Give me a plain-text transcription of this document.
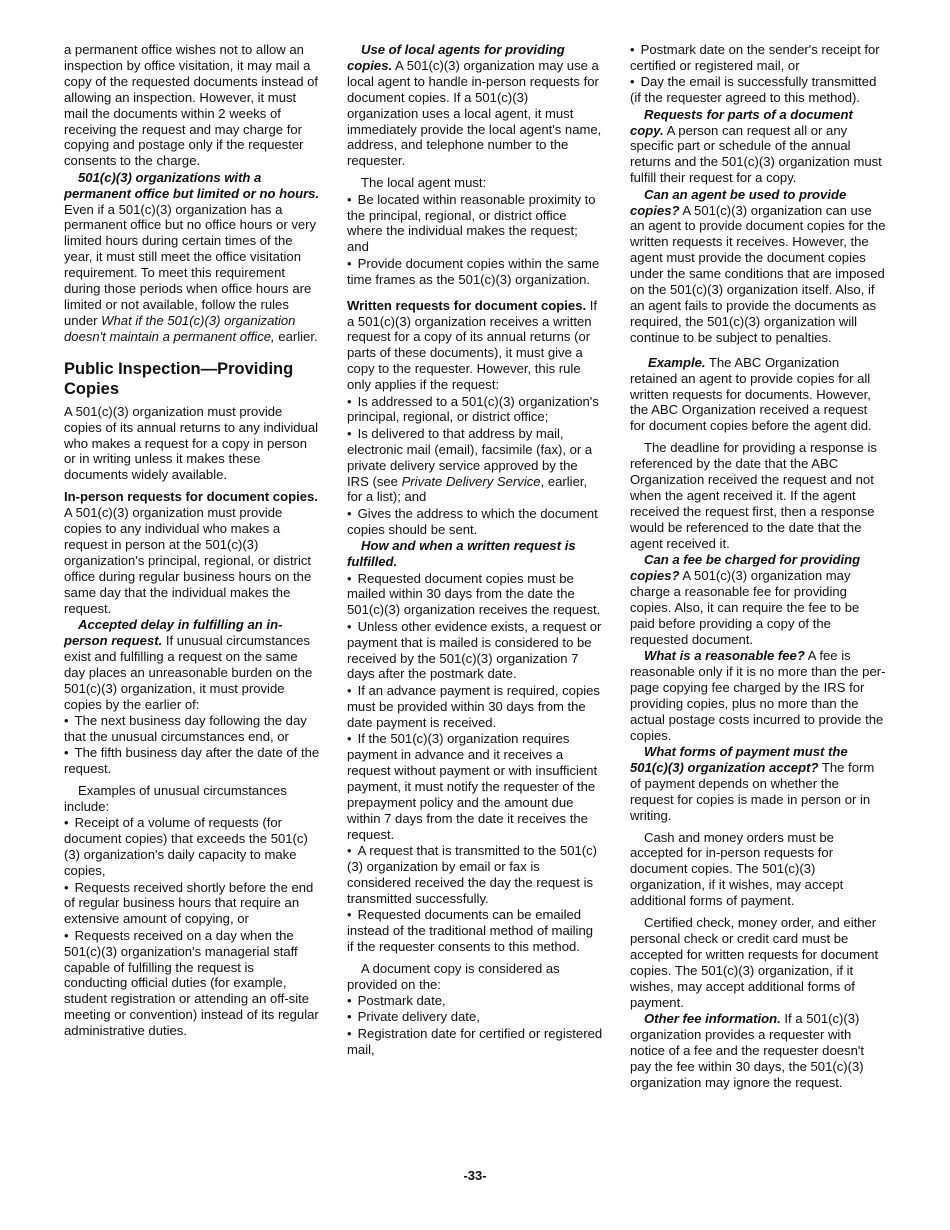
a permanent office wishes not to allow an inspection by office visitation, it may mail a copy of the requested documents instead of allowing an inspection. However, it must mail the documents within 2 weeks of receiving the request and may charge for copying and postage only if the requester consents to the charge.

501(c)(3) organizations with a permanent office but limited or no hours. Even if a 501(c)(3) organization has a permanent office but no office hours or very limited hours during certain times of the year, it must still meet the office visitation requirement. To meet this requirement during those periods when office hours are limited or not available, follow the rules under What if the 501(c)(3) organization doesn't maintain a permanent office, earlier.

Public Inspection—Providing Copies

A 501(c)(3) organization must provide copies of its annual returns to any individual who makes a request for a copy in person or in writing unless it makes these documents widely available.

In-person requests for document copies. A 501(c)(3) organization must provide copies to any individual who makes a request in person at the 501(c)(3) organization's principal, regional, or district office during regular business hours on the same day that the individual makes the request.

Accepted delay in fulfilling an in-person request. If unusual circumstances exist and fulfilling a request on the same day places an unreasonable burden on the 501(c)(3) organization, it must provide copies by the earlier of:

• The next business day following the day that the unusual circumstances end, or

• The fifth business day after the date of the request.

Examples of unusual circumstances include:

• Receipt of a volume of requests (for document copies) that exceeds the 501(c)(3) organization's daily capacity to make copies,

• Requests received shortly before the end of regular business hours that require an extensive amount of copying, or

• Requests received on a day when the 501(c)(3) organization's managerial staff capable of fulfilling the request is conducting official duties (for example, student registration or attending an off-site meeting or convention) instead of its regular administrative duties.

Use of local agents for providing copies. A 501(c)(3) organization may use a local agent to handle in-person requests for document copies. If a 501(c)(3) organization uses a local agent, it must immediately provide the local agent's name, address, and telephone number to the requester.

The local agent must:

• Be located within reasonable proximity to the principal, regional, or district office where the individual makes the request; and

• Provide document copies within the same time frames as the 501(c)(3) organization.

Written requests for document copies. If a 501(c)(3) organization receives a written request for a copy of its annual returns (or parts of these documents), it must give a copy to the requester. However, this rule only applies if the request:

• Is addressed to a 501(c)(3) organization's principal, regional, or district office;

• Is delivered to that address by mail, electronic mail (email), facsimile (fax), or a private delivery service approved by the IRS (see Private Delivery Service, earlier, for a list); and

• Gives the address to which the document copies should be sent.

How and when a written request is fulfilled.

• Requested document copies must be mailed within 30 days from the date the 501(c)(3) organization receives the request.

• Unless other evidence exists, a request or payment that is mailed is considered to be received by the 501(c)(3) organization 7 days after the postmark date.

• If an advance payment is required, copies must be provided within 30 days from the date payment is received.

• If the 501(c)(3) organization requires payment in advance and it receives a request without payment or with insufficient payment, it must notify the requester of the prepayment policy and the amount due within 7 days from the date it receives the request.

• A request that is transmitted to the 501(c)(3) organization by email or fax is considered received the day the request is transmitted successfully.

• Requested documents can be emailed instead of the traditional method of mailing if the requester consents to this method.

A document copy is considered as provided on the:

• Postmark date,

• Private delivery date,

• Registration date for certified or registered mail,

• Postmark date on the sender's receipt for certified or registered mail, or

• Day the email is successfully transmitted (if the requester agreed to this method).

Requests for parts of a document copy. A person can request all or any specific part or schedule of the annual returns and the 501(c)(3) organization must fulfill their request for a copy.

Can an agent be used to provide copies? A 501(c)(3) organization can use an agent to provide document copies for the written requests it receives. However, the agent must provide the document copies under the same conditions that are imposed on the 501(c)(3) organization itself. Also, if an agent fails to provide the documents as required, the 501(c)(3) organization will continue to be subject to penalties.

Example. The ABC Organization retained an agent to provide copies for all written requests for documents. However, the ABC Organization received a request for document copies before the agent did.

The deadline for providing a response is referenced by the date that the ABC Organization received the request and not when the agent received it. If the agent received the request first, then a response would be referenced to the date that the agent received it.

Can a fee be charged for providing copies? A 501(c)(3) organization may charge a reasonable fee for providing copies. Also, it can require the fee to be paid before providing a copy of the requested document.

What is a reasonable fee? A fee is reasonable only if it is no more than the per-page copying fee charged by the IRS for providing copies, plus no more than the actual postage costs incurred to provide the copies.

What forms of payment must the 501(c)(3) organization accept? The form of payment depends on whether the request for copies is made in person or in writing.

Cash and money orders must be accepted for in-person requests for document copies. The 501(c)(3) organization, if it wishes, may accept additional forms of payment.

Certified check, money order, and either personal check or credit card must be accepted for written requests for document copies. The 501(c)(3) organization, if it wishes, may accept additional forms of payment.

Other fee information. If a 501(c)(3) organization provides a requester with notice of a fee and the requester doesn't pay the fee within 30 days, the 501(c)(3) organization may ignore the request.

-33-
